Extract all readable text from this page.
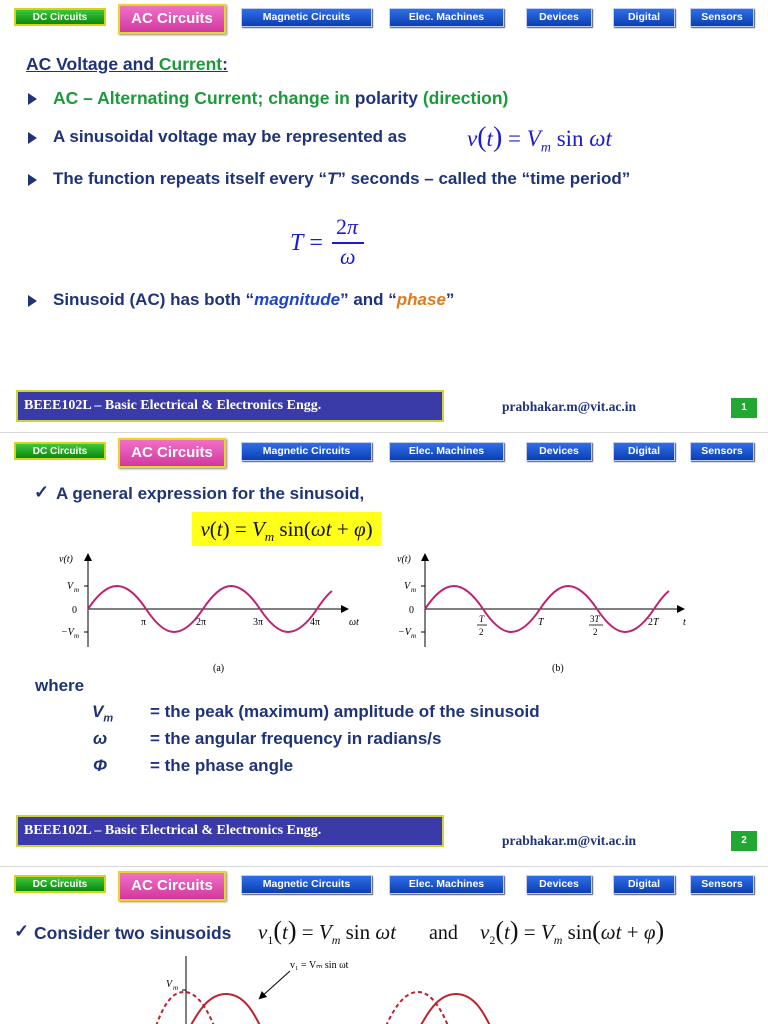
DC Circuits	AC Circuits	Magnetic Circuits	Elec. Machines	Devices	Digital	Sensors
AC Voltage and Current:
AC – Alternating Current; change in polarity (direction)
A sinusoidal voltage may be represented as	$v(t) = V_m$ sin ωt
The function repeats itself every “T” seconds – called the “time period”
T =
2π
ω
Sinusoid (AC) has both “magnitude” and “phase”
BEEE102L – Basic Electrical & Electronics Engg.	prabhakar.m@vit.ac.in	1
DC Circuits	AC Circuits	Magnetic Circuits	Elec. Machines	Devices	Digital	Sensors
✓ A general expression for the sinusoid,
$v(t) = V_m$ sin(ωt + φ)
v(t)
V m
0
−V m
π	2π	3π	4π	ωt
(a)
v(t)
V m
0
−V m
T
2
T	3T
2
2T t
(b)
where
$V_m$ = the peak (maximum) amplitude of the sinusoid
ω	= the angular frequency in radians/s
Φ	= the phase angle
BEEE102L – Basic Electrical & Electronics Engg.
prabhakar.m@vit.ac.in	2
DC Circuits	AC Circuits	Magnetic Circuits	Elec. Machines	Devices	Digital	Sensors
✓ Consider two sinusoids $v_1(t) = V_m$ sin ωt and $v_2(t) = V_m$ sin(ωt + φ)
V m
v₁ = Vₘ sin ωt
